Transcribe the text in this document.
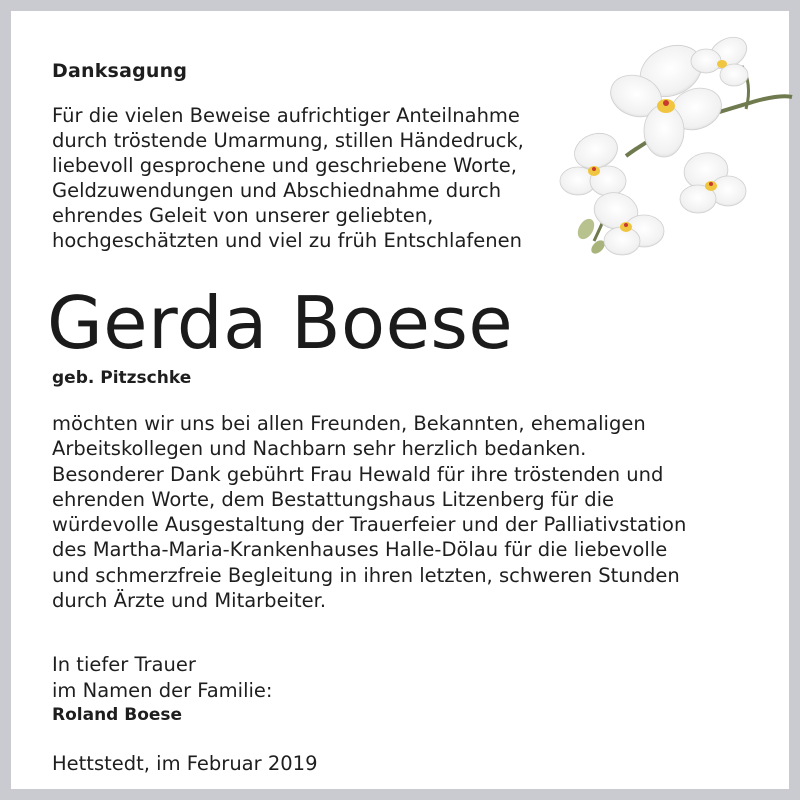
Danksagung
Für die vielen Beweise aufrichtiger Anteilnahme
durch tröstende Umarmung, stillen Händedruck,
liebevoll gesprochene und geschriebene Worte,
Geldzuwendungen und Abschiednahme durch
ehrendes Geleit von unserer geliebten,
hochgeschätzten und viel zu früh Entschlafenen
Gerda Boese
geb. Pitzschke
möchten wir uns bei allen Freunden, Bekannten, ehemaligen
Arbeitskollegen und Nachbarn sehr herzlich bedanken.
Besonderer Dank gebührt Frau Hewald für ihre tröstenden und
ehrenden Worte, dem Bestattungshaus Litzenberg für die
würdevolle Ausgestaltung der Trauerfeier und der Palliativstation
des Martha-Maria-Krankenhauses Halle-Dölau für die liebevolle
und schmerzfreie Begleitung in ihren letzten, schweren Stunden
durch Ärzte und Mitarbeiter.
In tiefer Trauer
im Namen der Familie:
Roland Boese
Hettstedt, im Februar 2019
